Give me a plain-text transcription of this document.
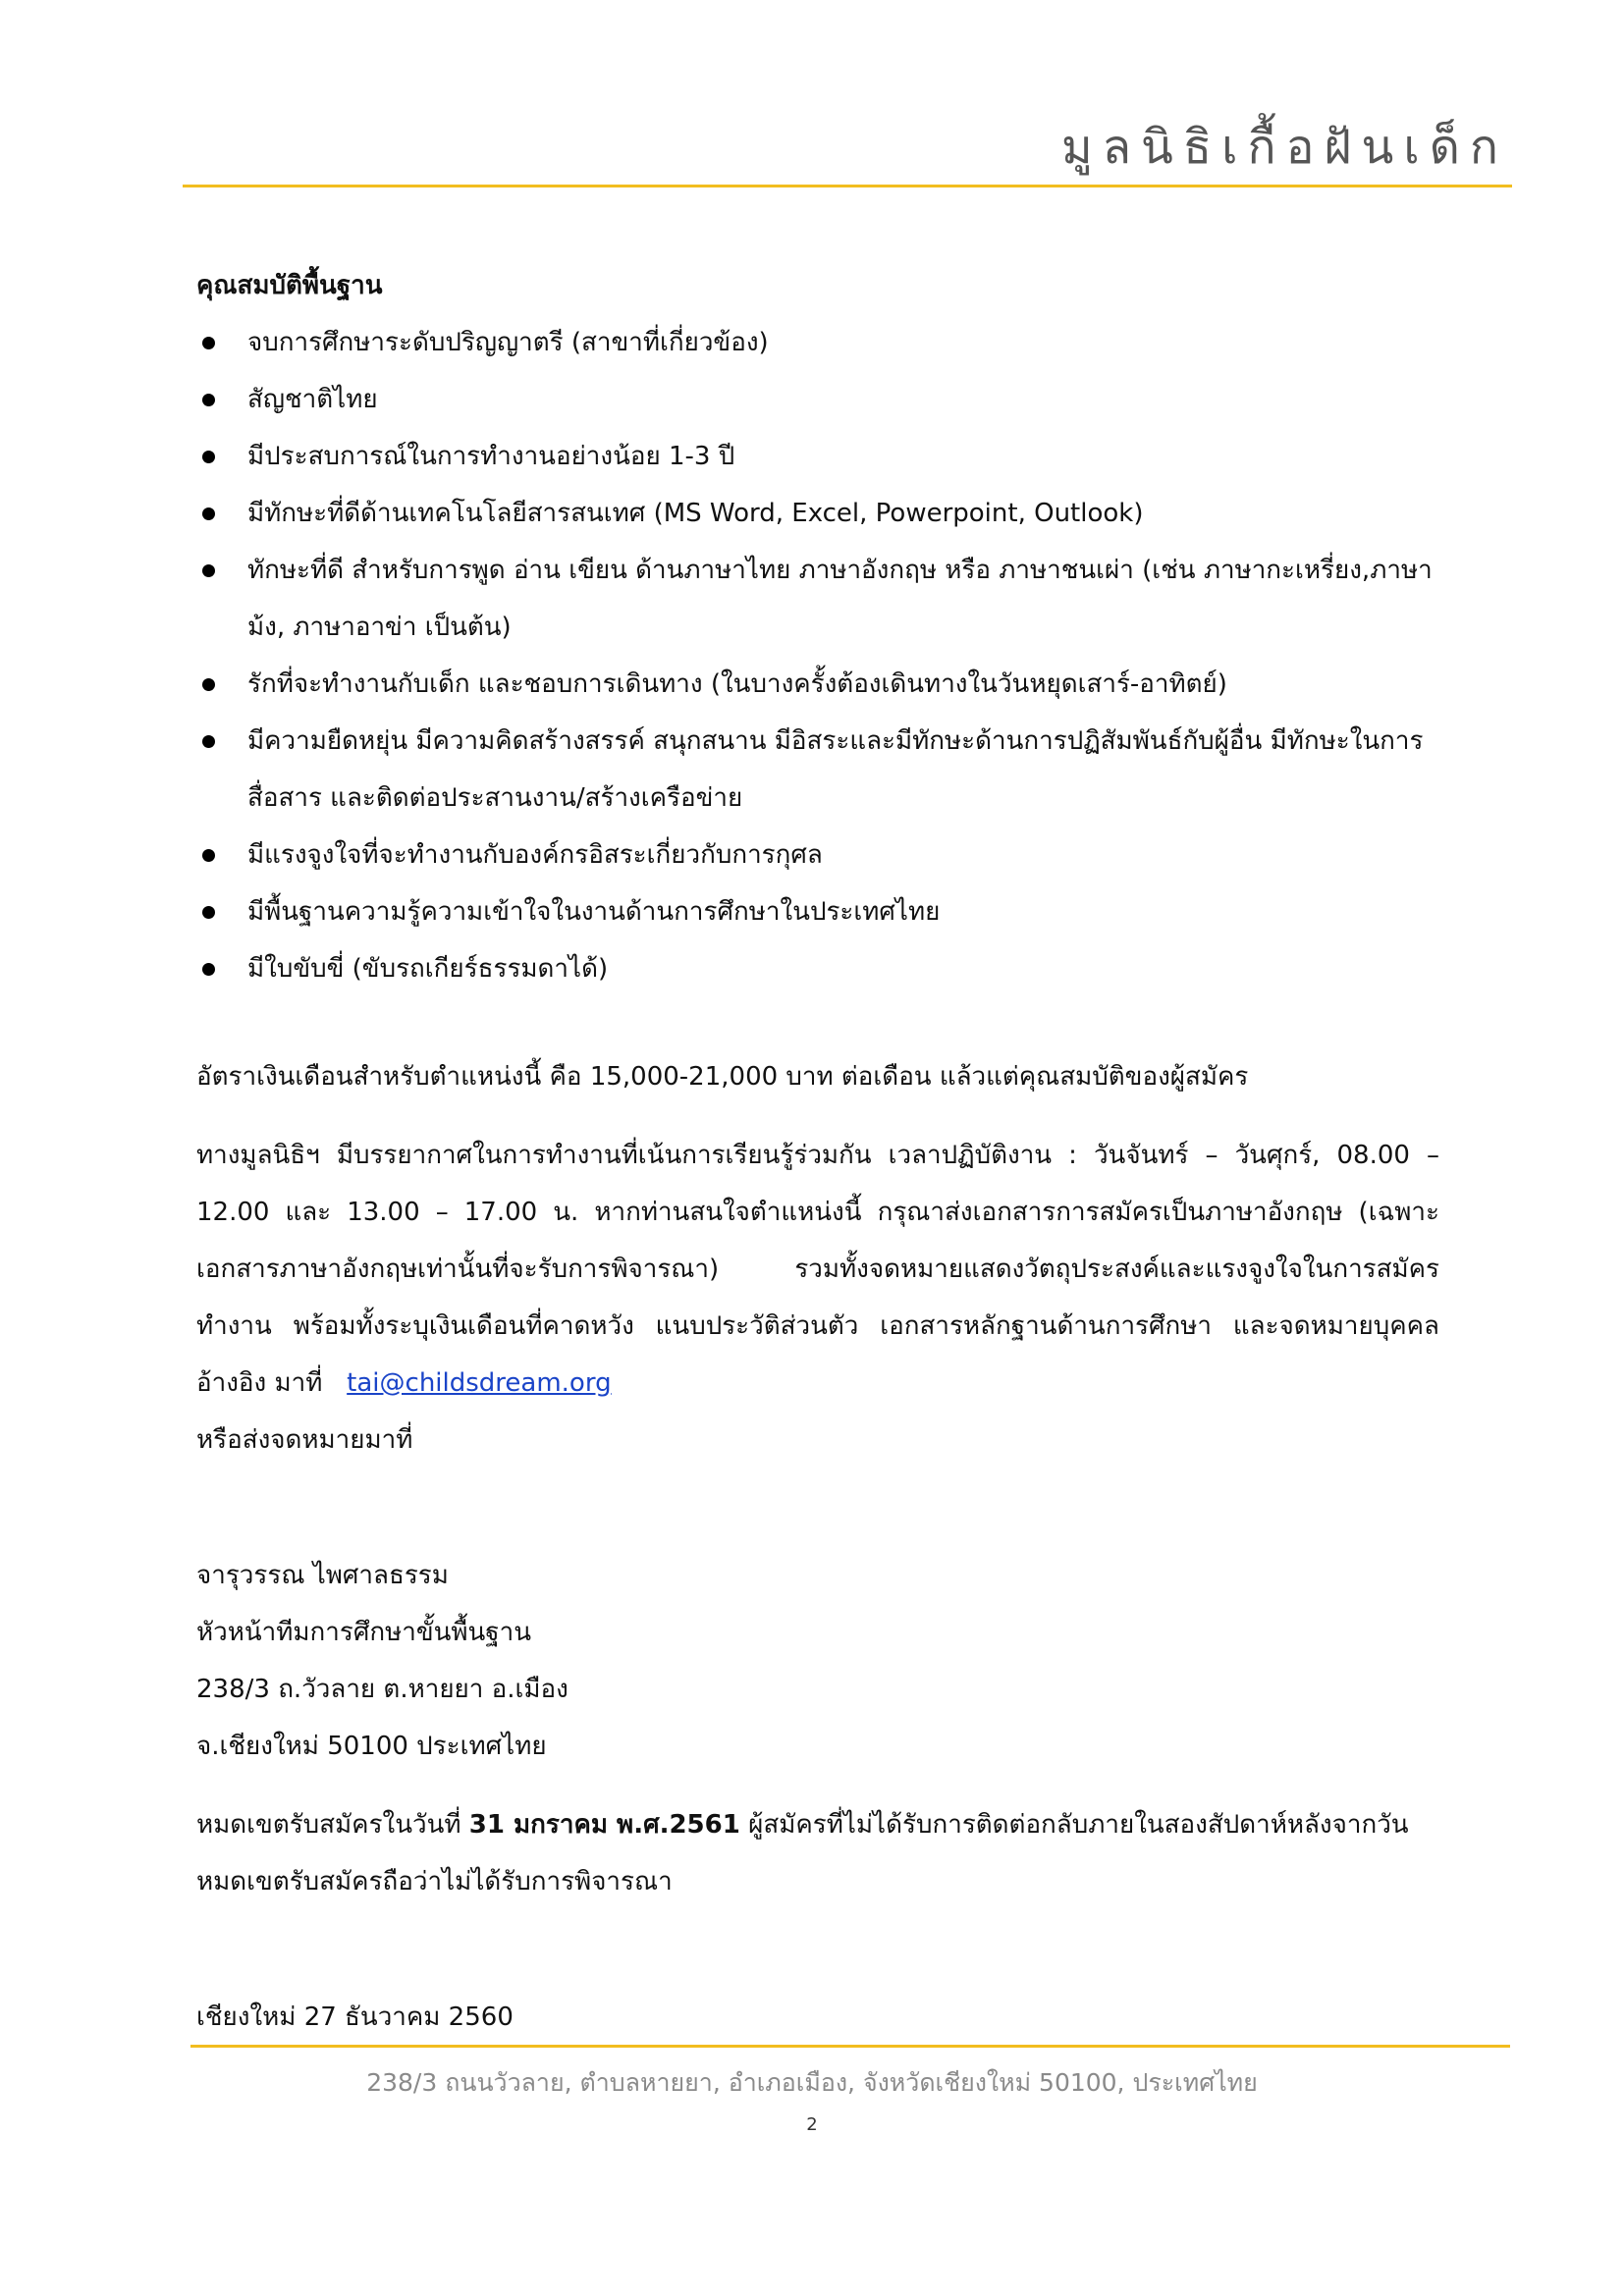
มูลนิธิเกื้อฝันเด็ก

คุณสมบัติพื้นฐาน

จบการศึกษาระดับปริญญาตรี (สาขาที่เกี่ยวข้อง)
สัญชาติไทย
มีประสบการณ์ในการทำงานอย่างน้อย 1-3 ปี
มีทักษะที่ดีด้านเทคโนโลยีสารสนเทศ (MS Word, Excel, Powerpoint, Outlook)
ทักษะที่ดี สำหรับการพูด อ่าน เขียน ด้านภาษาไทย ภาษาอังกฤษ หรือ ภาษาชนเผ่า (เช่น ภาษากะเหรี่ยง,ภาษาม้ง, ภาษาอาข่า เป็นต้น)
รักที่จะทำงานกับเด็ก และชอบการเดินทาง (ในบางครั้งต้องเดินทางในวันหยุดเสาร์-อาทิตย์)
มีความยืดหยุ่น มีความคิดสร้างสรรค์ สนุกสนาน มีอิสระและมีทักษะด้านการปฏิสัมพันธ์กับผู้อื่น มีทักษะในการสื่อสาร และติดต่อประสานงาน/สร้างเครือข่าย
มีแรงจูงใจที่จะทำงานกับองค์กรอิสระเกี่ยวกับการกุศล
มีพื้นฐานความรู้ความเข้าใจในงานด้านการศึกษาในประเทศไทย
มีใบขับขี่ (ขับรถเกียร์ธรรมดาได้)

อัตราเงินเดือนสำหรับตำแหน่งนี้ คือ 15,000-21,000 บาท ต่อเดือน แล้วแต่คุณสมบัติของผู้สมัคร

ทางมูลนิธิฯ มีบรรยากาศในการทำงานที่เน้นการเรียนรู้ร่วมกัน เวลาปฏิบัติงาน : วันจันทร์ – วันศุกร์, 08.00 – 12.00 และ 13.00 – 17.00 น. หากท่านสนใจตำแหน่งนี้ กรุณาส่งเอกสารการสมัครเป็นภาษาอังกฤษ (เฉพาะเอกสารภาษาอังกฤษเท่านั้นที่จะรับการพิจารณา) รวมทั้งจดหมายแสดงวัตถุประสงค์และแรงจูงใจในการสมัครทำงาน พร้อมทั้งระบุเงินเดือนที่คาดหวัง แนบประวัติส่วนตัว เอกสารหลักฐานด้านการศึกษา และจดหมายบุคคลอ้างอิง มาที่ tai@childsdream.org
หรือส่งจดหมายมาที่

จารุวรรณ ไพศาลธรรม

หัวหน้าทีมการศึกษาขั้นพื้นฐาน

238/3 ถ.วัวลาย ต.หายยา อ.เมือง

จ.เชียงใหม่ 50100 ประเทศไทย

หมดเขตรับสมัครในวันที่ 31 มกราคม พ.ศ.2561 ผู้สมัครที่ไม่ได้รับการติดต่อกลับภายในสองสัปดาห์หลังจากวันหมดเขตรับสมัครถือว่าไม่ได้รับการพิจารณา

เชียงใหม่ 27 ธันวาคม 2560

238/3 ถนนวัวลาย, ตำบลหายยา, อำเภอเมือง, จังหวัดเชียงใหม่ 50100, ประเทศไทย
2
